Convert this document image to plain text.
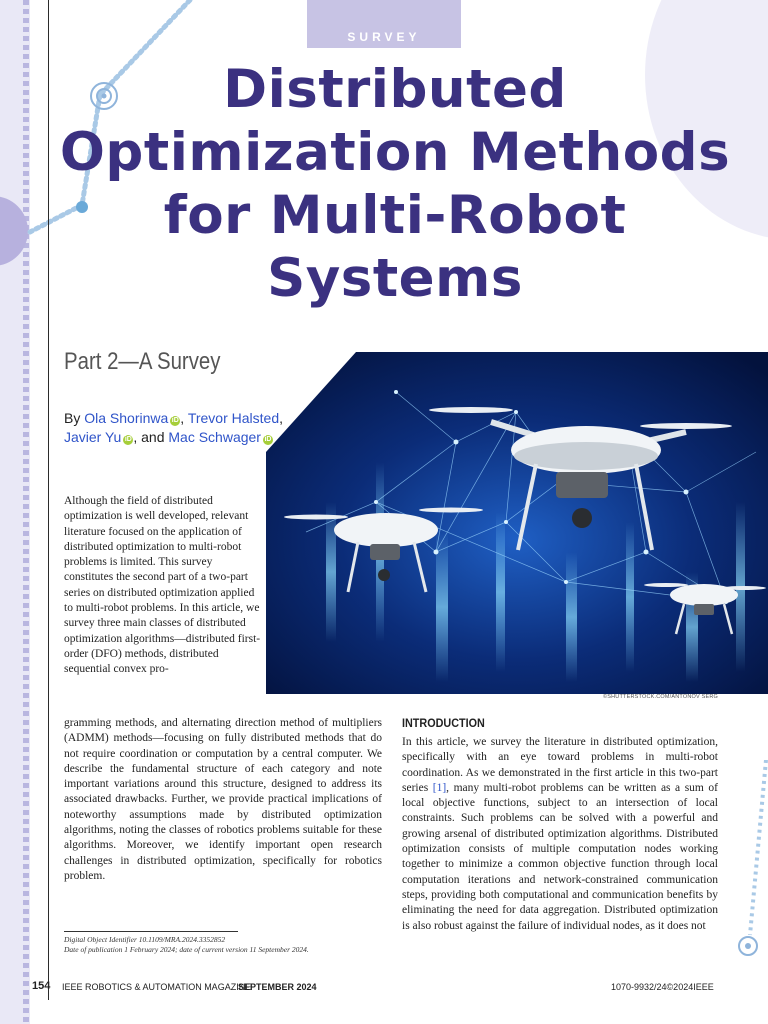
SURVEY
Distributed Optimization Methods for Multi-Robot Systems
Part 2—A Survey
By Ola Shorinwa iD , Trevor Halsted,
Javier Yu iD , and Mac Schwager iD
©SHUTTERSTOCK.COM/ANTONOV SERG

Although the field of distributed optimization is well developed, relevant literature focused on the application of distributed optimization to multi-robot problems is limited. This survey constitutes the second part of a two-part series on distributed optimization applied to multi-robot problems. In this article, we survey three main classes of distributed optimization algorithms—distributed first-order (DFO) methods, distributed sequential convex pro-

gramming methods, and alternating direction method of multipliers (ADMM) methods—focusing on fully distributed methods that do not require coordination or computation by a central computer. We describe the fundamental structure of each category and note important variations around this structure, designed to address its associated drawbacks. Further, we provide practical implications of noteworthy assumptions made by distributed optimization algorithms, noting the classes of robotics problems suitable for these algorithms. Moreover, we identify important open research challenges in distributed optimization, specifically for robotics problem.

INTRODUCTION

In this article, we survey the literature in distributed optimization, specifically with an eye toward problems in multi-robot coordination. As we demonstrated in the first article in this two-part series [1], many multi-robot problems can be written as a sum of local objective functions, subject to an intersection of local constraints. Such problems can be solved with a powerful and growing arsenal of distributed optimization algorithms. Distributed optimization consists of multiple computation nodes working together to minimize a common objective function through local computation iterations and network-constrained communication steps, providing both computational and communication benefits by eliminating the need for data aggregation. Distributed optimization is also robust against the failure of individual nodes, as it does not

Digital Object Identifier 10.1109/MRA.2024.3352852
Date of publication 1 February 2024; date of current version 11 September 2024.
154 IEEE ROBOTICS & AUTOMATION MAGAZINE
SEPTEMBER 2024	1070-9932/24©2024IEEE
